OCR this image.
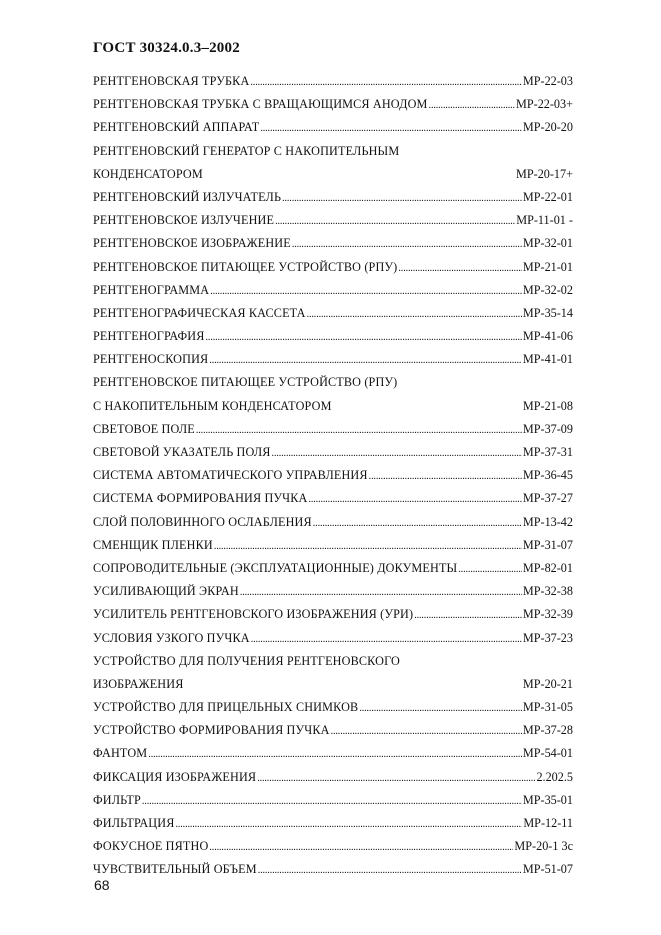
ГОСТ 30324.0.3–2002
РЕНТГЕНОВСКАЯ ТРУБКА . . .	МР-22-03
РЕНТГЕНОВСКАЯ ТРУБКА С ВРАЩАЮЩИМСЯ АНОДОМ . . .	МР-22-03+
РЕНТГЕНОВСКИЙ АППАРАТ . . .	МР-20-20
РЕНТГЕНОВСКИЙ ГЕНЕРАТОР С НАКОПИТЕЛЬНЫМ
КОНДЕНСАТОРОМ	МР-20-17+
РЕНТГЕНОВСКИЙ ИЗЛУЧАТЕЛЬ . . .	МР-22-01
РЕНТГЕНОВСКОЕ ИЗЛУЧЕНИЕ . . .	МР-11-01 -
РЕНТГЕНОВСКОЕ ИЗОБРАЖЕНИЕ . . .	МР-32-01
РЕНТГЕНОВСКОЕ ПИТАЮЩЕЕ УСТРОЙСТВО (РПУ) . . .	МР-21-01
РЕНТГЕНОГРАММА . . .	МР-32-02
РЕНТГЕНОГРАФИЧЕСКАЯ КАССЕТА . . .	МР-35-14
РЕНТГЕНОГРАФИЯ . . .	МР-41-06
РЕНТГЕНОСКОПИЯ . . .	МР-41-01
РЕНТГЕНОВСКОЕ ПИТАЮЩЕЕ УСТРОЙСТВО (РПУ)
С НАКОПИТЕЛЬНЫМ КОНДЕНСАТОРОМ	МР-21-08
СВЕТОВОЕ ПОЛЕ . . .	МР-37-09
СВЕТОВОЙ УКАЗАТЕЛЬ ПОЛЯ . . .	МР-37-31
СИСТЕМА АВТОМАТИЧЕСКОГО УПРАВЛЕНИЯ . . .	МР-36-45
СИСТЕМА ФОРМИРОВАНИЯ ПУЧКА . . .	МР-37-27
СЛОЙ ПОЛОВИННОГО ОСЛАБЛЕНИЯ . . .	МР-13-42
СМЕНЩИК ПЛЕНКИ . . .	МР-31-07
СОПРОВОДИТЕЛЬНЫЕ (ЭКСПЛУАТАЦИОННЫЕ) ДОКУМЕНТЫ . . .	МР-82-01
УСИЛИВАЮЩИЙ ЭКРАН . . .	МР-32-38
УСИЛИТЕЛЬ РЕНТГЕНОВСКОГО ИЗОБРАЖЕНИЯ (УРИ) . . .	МР-32-39
УСЛОВИЯ УЗКОГО ПУЧКА . . .	МР-37-23
УСТРОЙСТВО ДЛЯ ПОЛУЧЕНИЯ РЕНТГЕНОВСКОГО
ИЗОБРАЖЕНИЯ	МР-20-21
УСТРОЙСТВО ДЛЯ ПРИЦЕЛЬНЫХ СНИМКОВ . . .	МР-31-05
УСТРОЙСТВО ФОРМИРОВАНИЯ ПУЧКА . . .	МР-37-28
ФАНТОМ . . .	МР-54-01
ФИКСАЦИЯ ИЗОБРАЖЕНИЯ . . .	2.202.5
ФИЛЬТР . . .	МР-35-01
ФИЛЬТРАЦИЯ . . .	МР-12-11
ФОКУСНОЕ ПЯТНО . . .	МР-20-1 3с
ЧУВСТВИТЕЛЬНЫЙ ОБЪЕМ . . .	МР-51-07
68
